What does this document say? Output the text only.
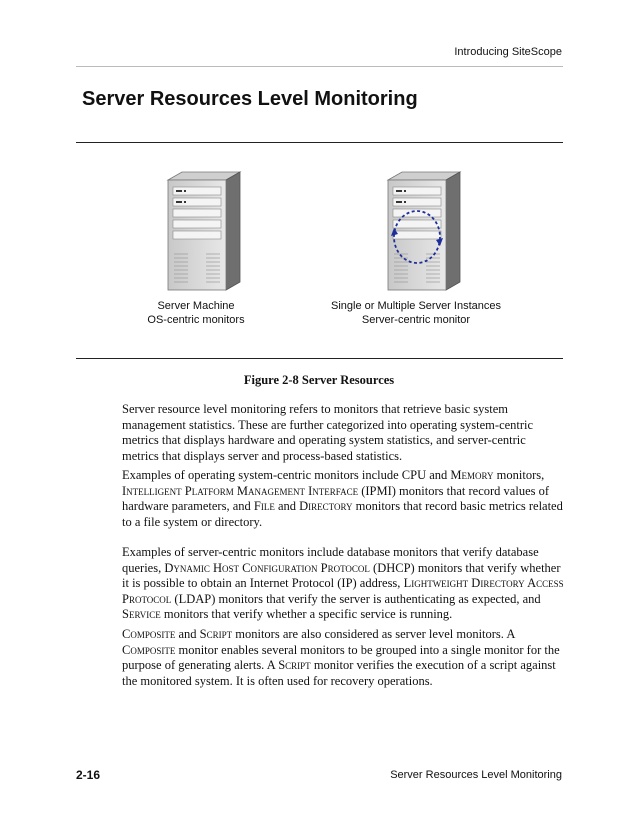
Introducing SiteScope
Server Resources Level Monitoring
Server Machine
OS-centric monitors
Single or Multiple Server Instances
Server-centric monitor
Figure 2-8 Server Resources

Server resource level monitoring refers to monitors that retrieve basic system management statistics. These are further categorized into operating system-centric metrics that displays hardware and operating system statistics, and server-centric metrics that displays server and process-based statistics.

Examples of operating system-centric monitors include CPU and Memory monitors, Intelligent Platform Management Interface (IPMI) monitors that record values of hardware parameters, and File and Directory monitors that record basic metrics related to a file system or directory.

Examples of server-centric monitors include database monitors that verify database queries, Dynamic Host Configuration Protocol (DHCP) monitors that verify whether it is possible to obtain an Internet Protocol (IP) address, Lightweight Directory Access Protocol (LDAP) monitors that verify the server is authenticating as expected, and Service monitors that verify whether a specific service is running.

Composite and Script monitors are also considered as server level monitors. A Composite monitor enables several monitors to be grouped into a single monitor for the purpose of generating alerts. A Script monitor verifies the execution of a script against the monitored system. It is often used for recovery operations.

2-16	Server Resources Level Monitoring
